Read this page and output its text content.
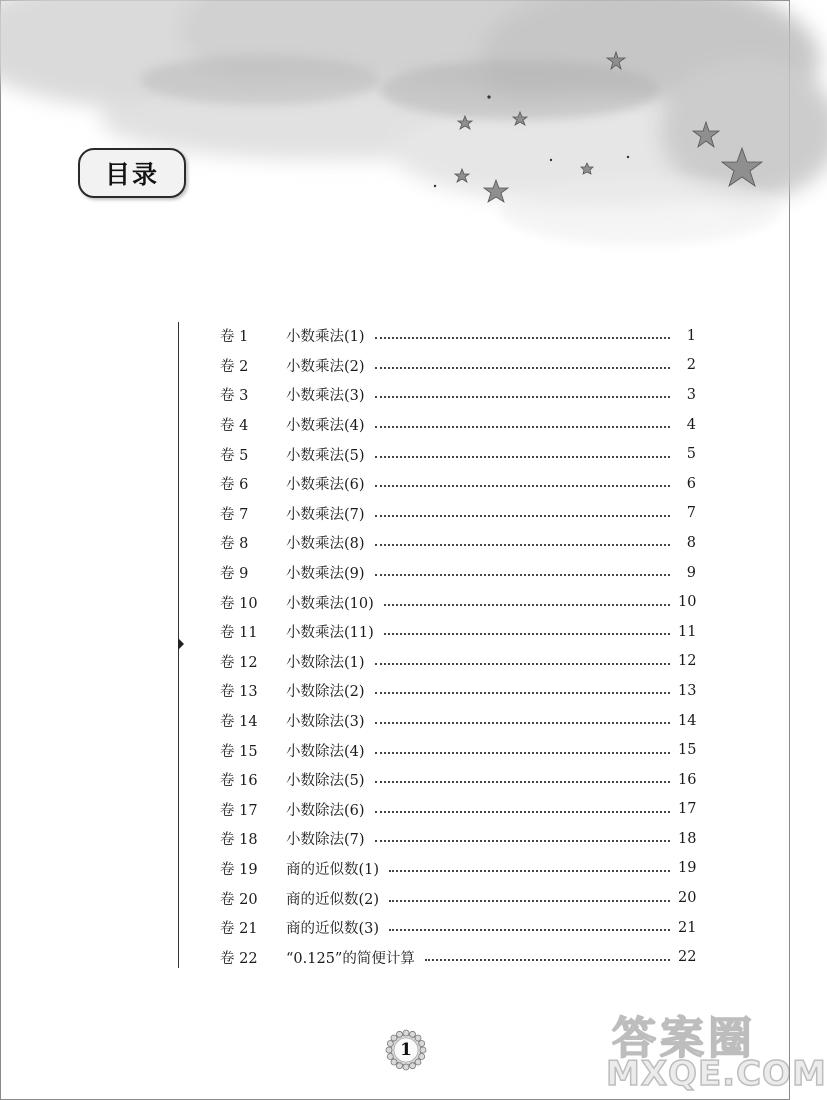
目录
卷 1	小数乘法(1)	1
卷 2	小数乘法(2)	2
卷 3	小数乘法(3)	3
卷 4	小数乘法(4)	4
卷 5	小数乘法(5)	5
卷 6	小数乘法(6)	6
卷 7	小数乘法(7)	7
卷 8	小数乘法(8)	8
卷 9	小数乘法(9)	9
卷 10	小数乘法(10)	10
卷 11	小数乘法(11)	11
卷 12	小数除法(1)	12
卷 13	小数除法(2)	13
卷 14	小数除法(3)	14
卷 15	小数除法(4)	15
卷 16	小数除法(5)	16
卷 17	小数除法(6)	17
卷 18	小数除法(7)	18
卷 19	商的近似数(1)	19
卷 20	商的近似数(2)	20
卷 21	商的近似数(3)	21
卷 22	“0.125”的简便计算	22
1	答案圈
MXQE.COM
